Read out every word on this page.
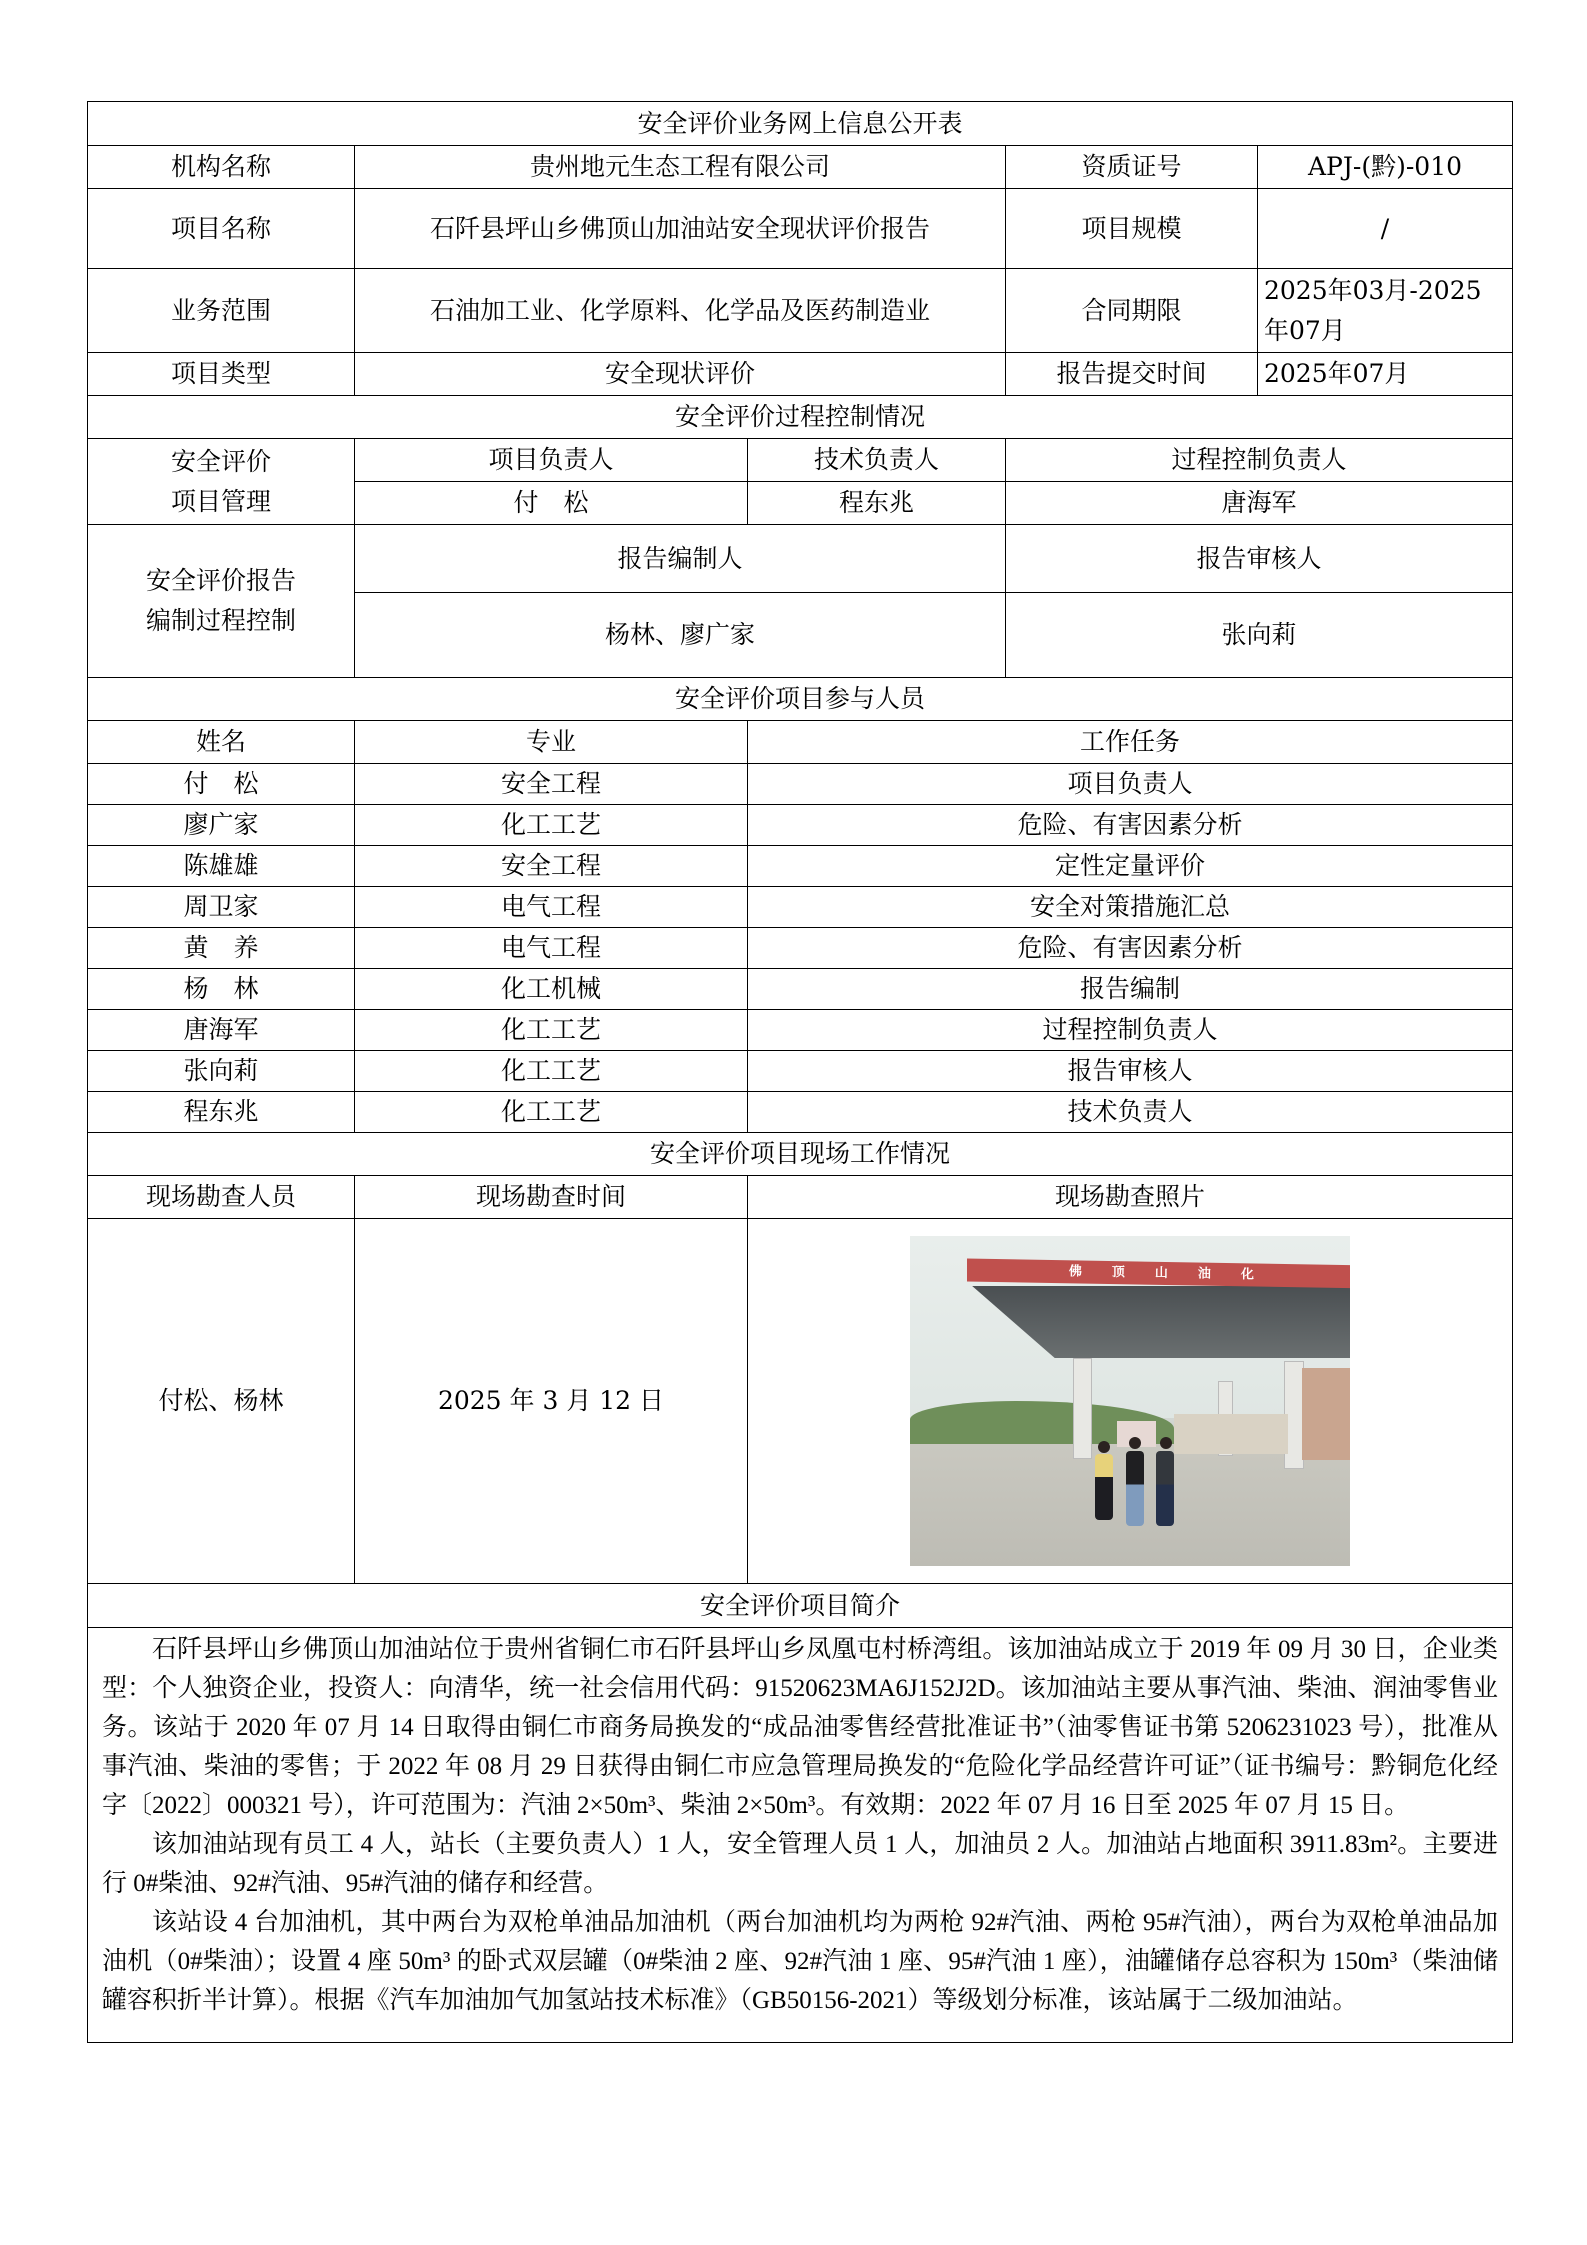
安全评价业务网上信息公开表				
机构名称	贵州地元生态工程有限公司		资质证号	APJ-(黔)-010
项目名称	石阡县坪山乡佛顶山加油站安全现状评价报告		项目规模	/
业务范围	石油加工业、化学原料、化学品及医药制造业		合同期限	2025年03月-2025年07月
项目类型	安全现状评价		报告提交时间	2025年07月
安全评价过程控制情况				

安全评价
项目管理	项目负责人	技术负责人	过程控制负责人	
	付　松	程东兆	唐海军	

安全评价报告
编制过程控制	报告编制人		报告审核人	
	杨林、廖广家		张向莉	
安全评价项目参与人员				
姓名	专业	工作任务		
付　松	安全工程	项目负责人		
廖广家	化工工艺	危险、有害因素分析		
陈雄雄	安全工程	定性定量评价		
周卫家	电气工程	安全对策措施汇总		
黄　养	电气工程	危险、有害因素分析		
杨　林	化工机械	报告编制		
唐海军	化工工艺	过程控制负责人		
张向莉	化工工艺	报告审核人		
程东兆	化工工艺	技术负责人		
安全评价项目现场工作情况				
现场勘查人员	现场勘查时间	现场勘查照片		
付松、杨林	2025 年 3 月 12 日	佛顶山油化		

安全评价项目简介				

石阡县坪山乡佛顶山加油站位于贵州省铜仁市石阡县坪山乡凤凰屯村桥湾组。该加油站成立于 2019 年 09 月 30 日，企业类型：个人独资企业，投资人：向清华，统一社会信用代码：91520623MA6J152J2D。该加油站主要从事汽油、柴油、润油零售业务。该站于 2020 年 07 月 14 日取得由铜仁市商务局换发的“成品油零售经营批准证书”（油零售证书第 5206231023 号），批准从事汽油、柴油的零售；于 2022 年 08 月 29 日获得由铜仁市应急管理局换发的“危险化学品经营许可证”（证书编号：黔铜危化经字〔2022〕000321 号），许可范围为：汽油 2×50m³、柴油 2×50m³。有效期：2022 年 07 月 16 日至 2025 年 07 月 15 日。

该加油站现有员工 4 人，站长（主要负责人）1 人，安全管理人员 1 人，加油员 2 人。加油站占地面积 3911.83m²。主要进行 0#柴油、92#汽油、95#汽油的储存和经营。

该站设 4 台加油机，其中两台为双枪单油品加油机（两台加油机均为两枪 92#汽油、两枪 95#汽油），两台为双枪单油品加油机（0#柴油）；设置 4 座 50m³ 的卧式双层罐（0#柴油 2 座、92#汽油 1 座、95#汽油 1 座），油罐储存总容积为 150m³（柴油储罐容积折半计算）。根据《汽车加油加气加氢站技术标准》（GB50156-2021）等级划分标准，该站属于二级加油站。				
